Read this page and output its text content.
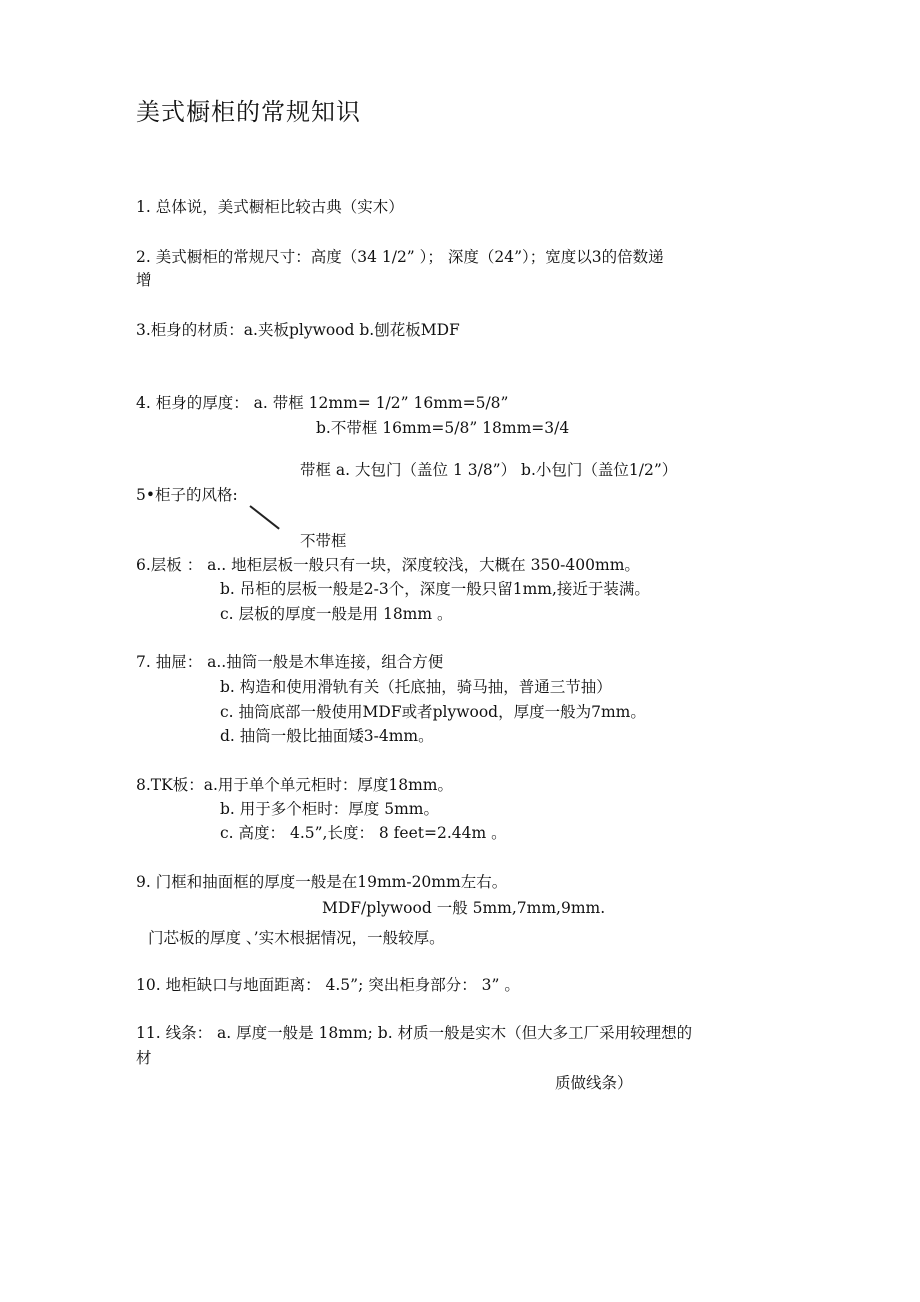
美式橱柜的常规知识

1. 总体说，美式橱柜比较古典（实木）

2. 美式橱柜的常规尺寸：高度（34 1/2” ）； 深度（24”）；宽度以3的倍数递

增

3.柜身的材质：a.夹板plywood b.刨花板MDF

4. 柜身的厚度： a. 带框 12mm= 1/2” 16mm=5/8”

b.不带框 16mm=5/8” 18mm=3/4

带框 a. 大包门（盖位 1 3/8”） b.小包门（盖位1/2”）

5•柜子的风格:

不带框

6.层板 ： a.. 地柜层板一般只有一块，深度较浅，大概在 350-400mm。

b. 吊柜的层板一般是2-3个，深度一般只留1mm,接近于装满。

c. 层板的厚度一般是用 18mm 。

7. 抽屉： a..抽筒一般是木隼连接，组合方便

b. 构造和使用滑轨有关（托底抽，骑马抽，普通三节抽）

c. 抽筒底部一般使用MDF或者plywood，厚度一般为7mm。

d. 抽筒一般比抽面矮3-4mm。

8.TK板：a.用于单个单元柜时：厚度18mm。

b. 用于多个柜时：厚度 5mm。

c. 高度： 4.5”,长度： 8 feet=2.44m 。

9. 门框和抽面框的厚度一般是在19mm-20mm左右。

MDF/plywood 一般 5mm,7mm,9mm.

门芯板的厚度 、’实木根据情况，一般较厚。

10. 地柜缺口与地面距离： 4.5”; 突出柜身部分： 3” 。

11. 线条： a. 厚度一般是 18mm; b. 材质一般是实木（但大多工厂采用较理想的

材

质做线条）
